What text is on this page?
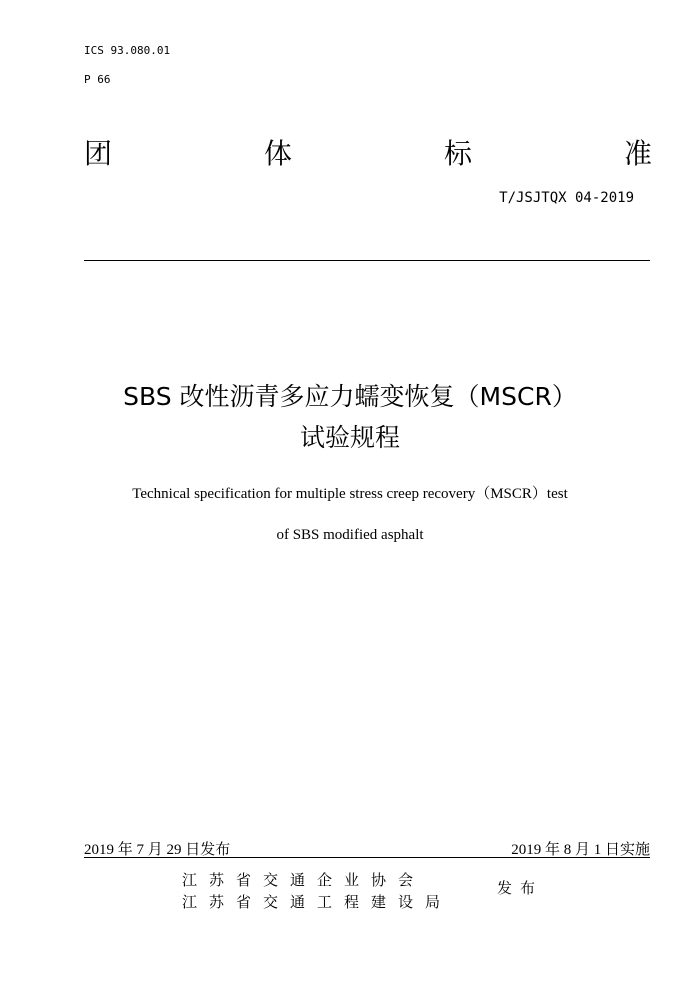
ICS 93.080.01
P 66
团	体	标	准
T/JSJTQX 04-2019
SBS 改性沥青多应力蠕变恢复（MSCR）
试验规程
Technical specification for multiple stress creep recovery（MSCR）test
of SBS modified asphalt
2019 年 7 月 29 日发布	2019 年 8 月 1 日实施
江苏省交通企业协会
江苏省交通工程建设局
发布
